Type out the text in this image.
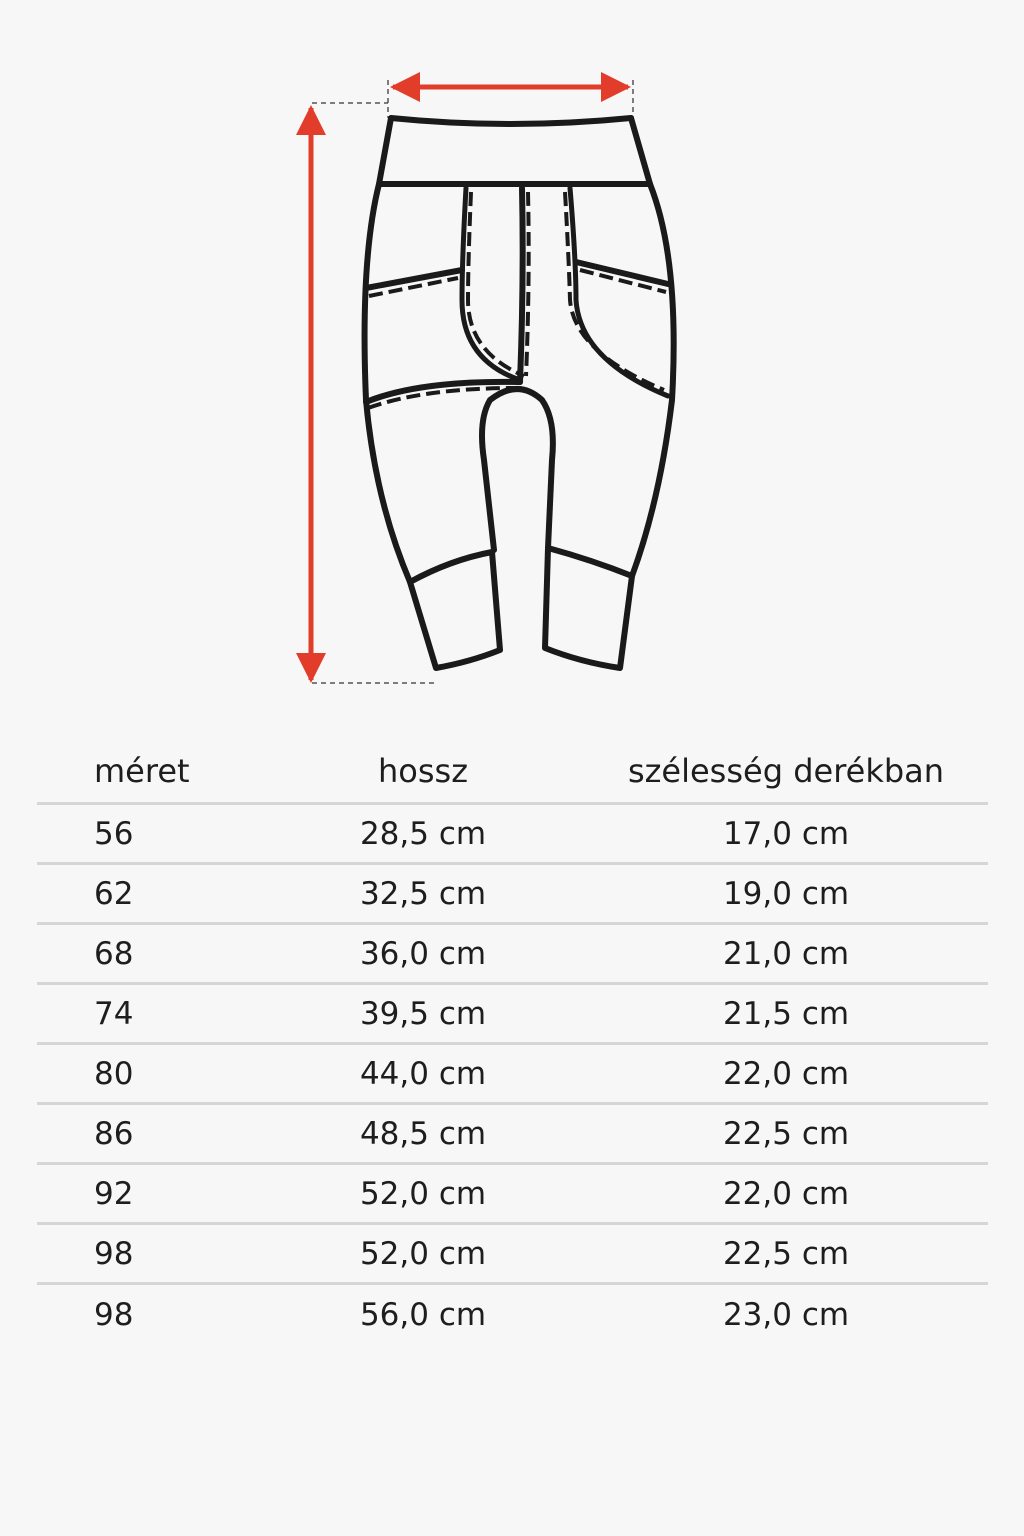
méret	hossz	szélesség derékban
56	28,5 cm	17,0 cm
62	32,5 cm	19,0 cm
68	36,0 cm	21,0 cm
74	39,5 cm	21,5 cm
80	44,0 cm	22,0 cm
86	48,5 cm	22,5 cm
92	52,0 cm	22,0 cm
98	52,0 cm	22,5 cm
98	56,0 cm	23,0 cm
